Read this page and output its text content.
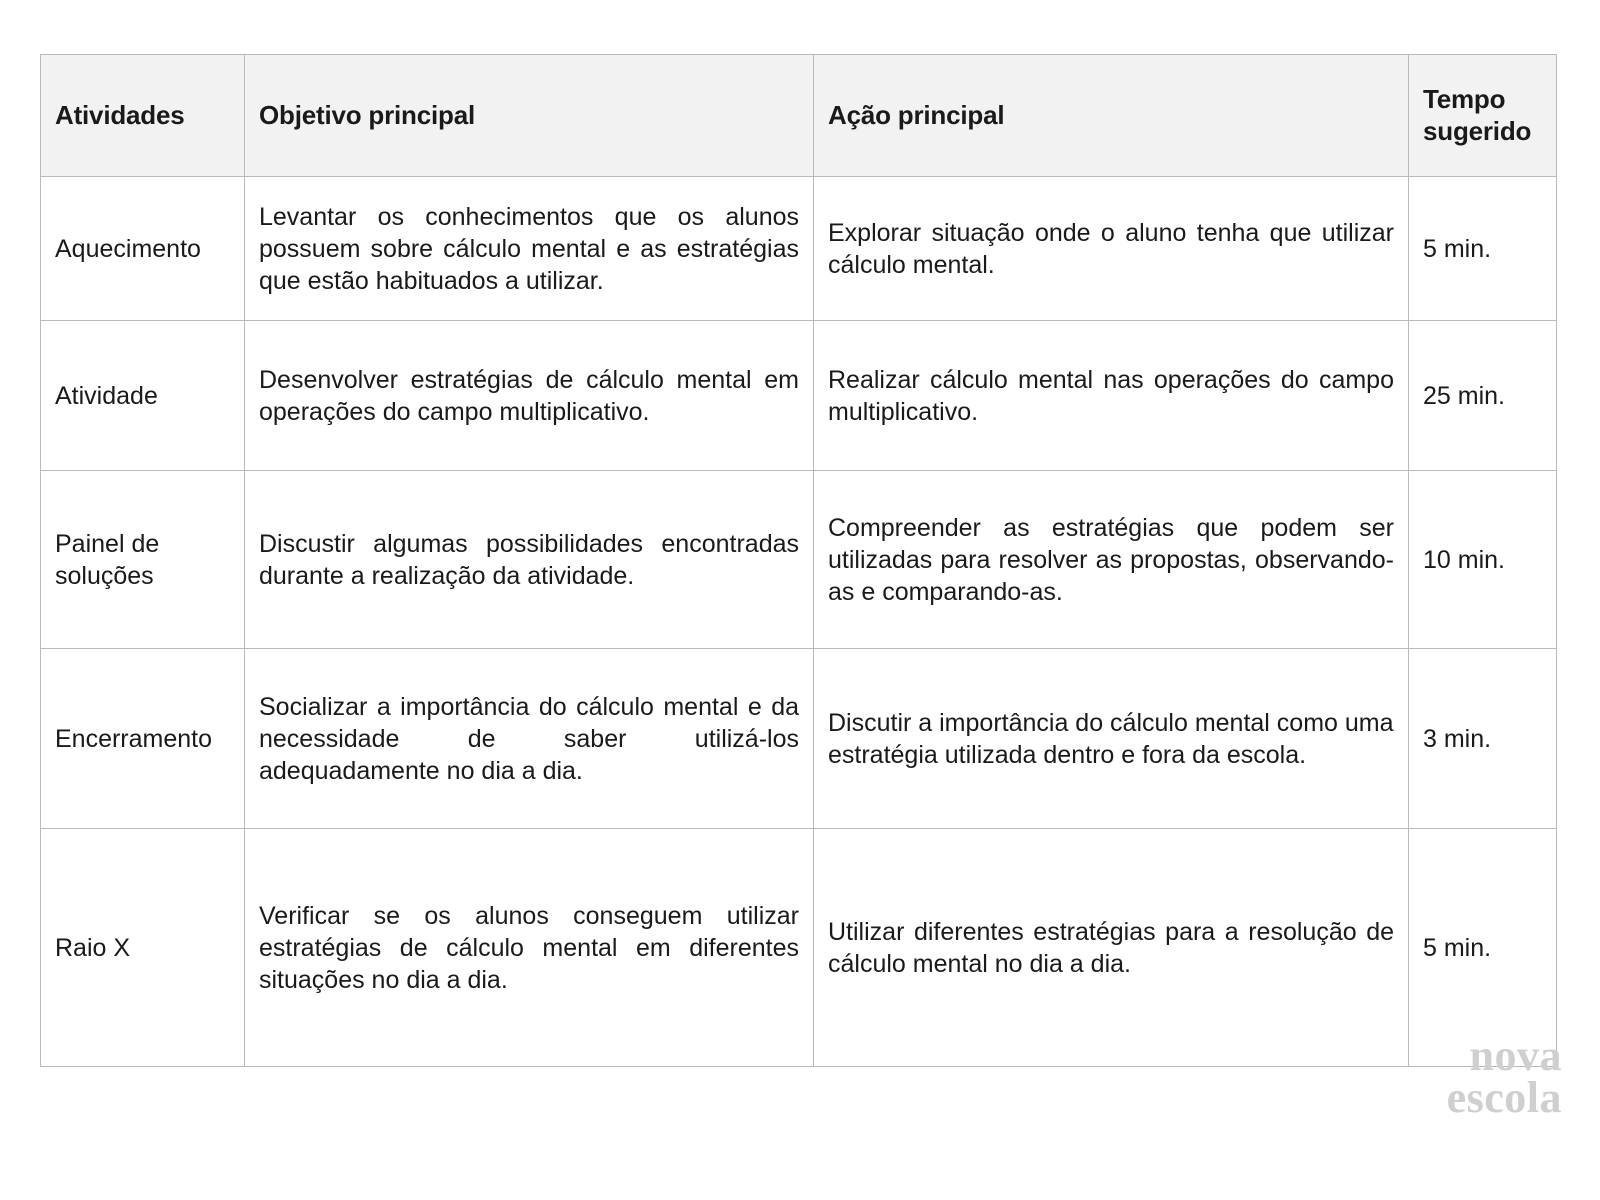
Atividades	Objetivo principal	Ação principal	Tempo sugerido
Aquecimento	Levantar os conhecimentos que os alunos possuem sobre cálculo mental e as estratégias que estão habituados a utilizar.	Explorar situação onde o aluno tenha que utilizar cálculo mental.	5 min.
Atividade	Desenvolver estratégias de cálculo mental em operações do campo multiplicativo.	Realizar cálculo mental nas operações do campo multiplicativo.	25 min.
Painel de soluções	Discustir algumas possibilidades encontradas durante a realização da atividade.	Compreender as estratégias que podem ser utilizadas para resolver as propostas, observando-as e comparando-as.	10 min.
Encerramento	Socializar a importância do cálculo mental e da necessidade de saber utilizá-los adequadamente no dia a dia.	Discutir a importância do cálculo mental como uma estratégia utilizada dentro e fora da escola.	3 min.
Raio X	Verificar se os alunos conseguem utilizar estratégias de cálculo mental em diferentes situações no dia a dia.	Utilizar diferentes estratégias para a resolução de cálculo mental no dia a dia.	5 min.
nova
escola
